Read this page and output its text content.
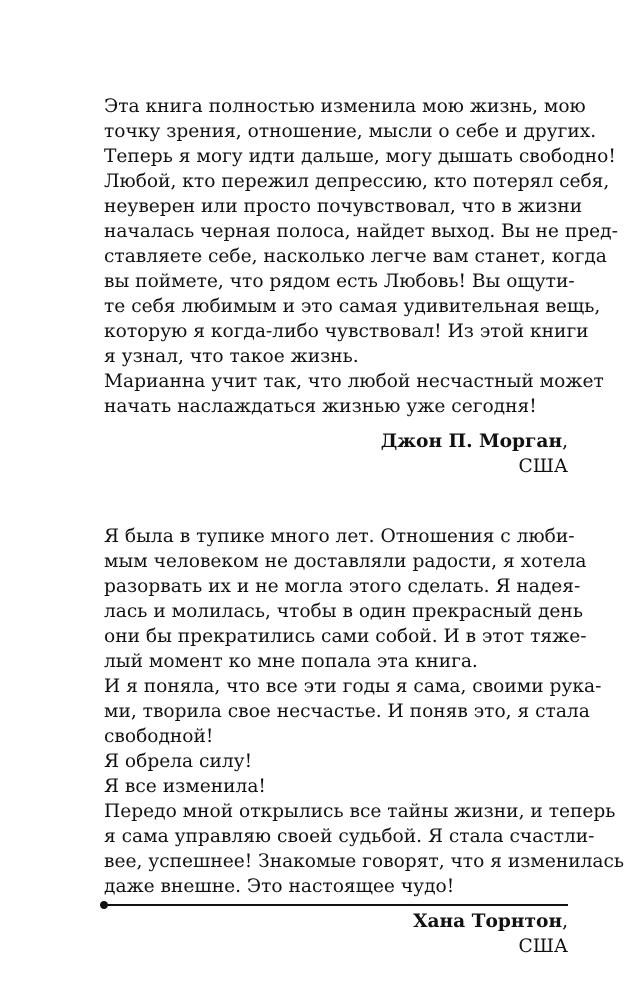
Эта книга полностью изменила мою жизнь, мою
точку зрения, отношение, мысли о себе и других.
Теперь я могу идти дальше, могу дышать свободно!
Любой, кто пережил депрессию, кто потерял себя,
неуверен или просто почувствовал, что в жизни
началась черная полоса, найдет выход. Вы не пред-
ставляете себе, насколько легче вам станет, когда
вы поймете, что рядом есть Любовь! Вы ощути-
те себя любимым и это самая удивительная вещь,
которую я когда-либо чувствовал! Из этой книги
я узнал, что такое жизнь.
Марианна учит так, что любой несчастный может
начать наслаждаться жизнью уже сегодня!
Джон П. Морган,
США
Я была в тупике много лет. Отношения с люби-
мым человеком не доставляли радости, я хотела
разорвать их и не могла этого сделать. Я надея-
лась и молилась, чтобы в один прекрасный день
они бы прекратились сами собой. И в этот тяже-
лый момент ко мне попала эта книга.
И я поняла, что все эти годы я сама, своими рука-
ми, творила свое несчастье. И поняв это, я стала
свободной!
Я обрела силу!
Я все изменила!
Передо мной открылись все тайны жизни, и теперь
я сама управляю своей судьбой. Я стала счастли-
вее, успешнее! Знакомые говорят, что я изменилась
даже внешне. Это настоящее чудо!
Хана Торнтон,
США
